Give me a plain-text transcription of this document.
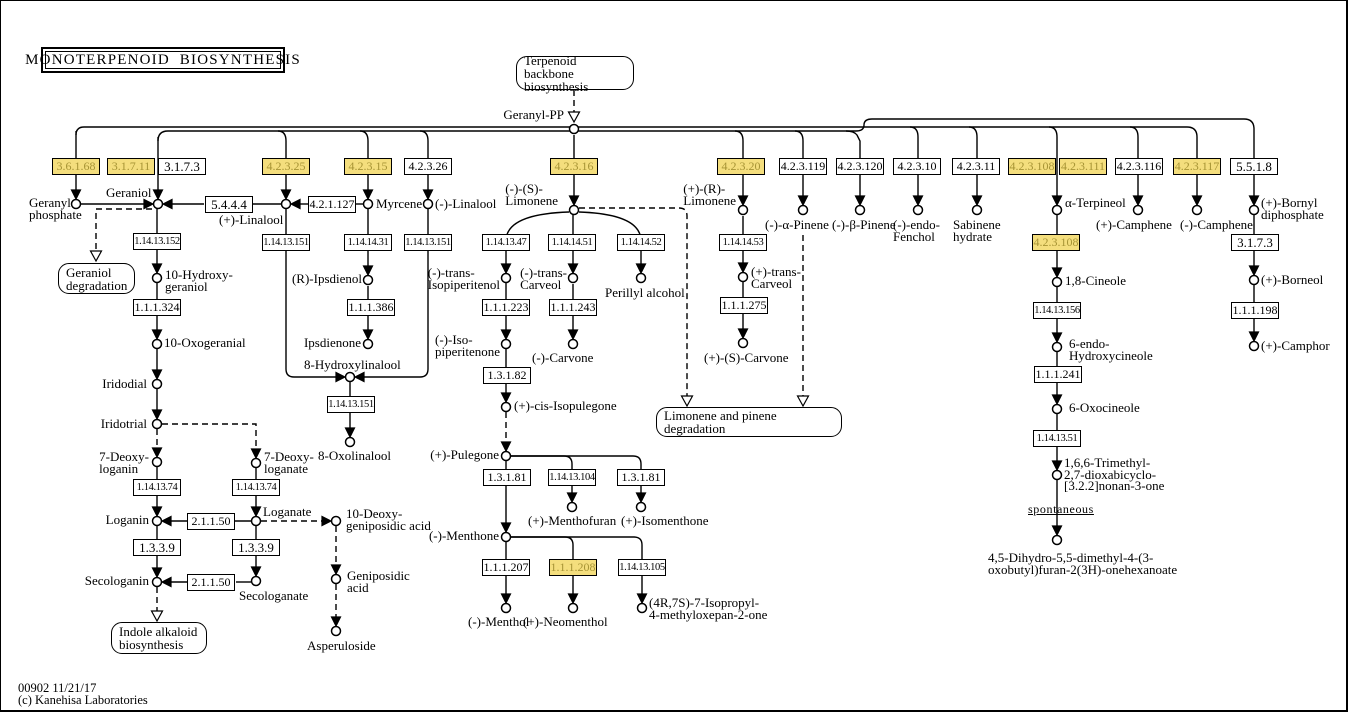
MONOTERPENOID  BIOSYNTHESIS
00902 11/21/17
(c) Kanehisa Laboratories
3.6.1.68	3.1.7.11	3.1.7.3	4.2.3.25	4.2.3.15	4.2.3.26	4.2.3.16	4.2.3.20	4.2.3.119 4.2.3.120	4.2.3.10	4.2.3.11	4.2.3.108 4.2.3.111 4.2.3.116 4.2.3.117	5.5.1.8
5.4.4.4	4.2.1.127
1.14.13.152
1.1.1.324
1.14.13.74	1.14.13.74
2.1.1.50
1.3.3.9	1.3.3.9
2.1.1.50
1.14.13.151	1.14.14.31	1.14.13.151
1.1.1.386
1.14.13.151
1.14.13.47	1.14.14.51	1.14.14.52
1.1.1.223 1.1.1.243
1.3.1.82
1.3.1.81	1.14.13.104	1.3.1.81
1.1.1.207 1.1.1.208 1.14.13.105
1.14.14.53
1.1.1.275
4.2.3.108
1.14.13.156
1.1.1.241
1.14.13.51
3.1.7.3
1.1.1.198
Geranyl-PP
Geranyl
phosphate
Geraniol
(+)-Linalool
Myrcene (-)-Linalool
(-)-(S)-
Limonene
(+)-(R)-
Limonene
(-)-α-Pinene (-)-β-Pinene
(-)-endo-
Fenchol
Sabinene
hydrate
α-Terpineol
(+)-Camphene (-)-Camphene
(+)-Bornyl
diphosphate
10-Hydroxy-
geraniol
10-Oxogeranial
Iridodial
Iridotrial
7-Deoxy-
loganin
7-Deoxy-
loganate
Loganin
Loganate
Secologanin
Secologanate
10-Deoxy-
geniposidic acid
Geniposidic
acid
Asperuloside
(R)-Ipsdienol
Ipsdienone
8-Hydroxylinalool
8-Oxolinalool
(-)-trans-
Isopiperitenol
(-)-Iso-
piperitenone
(+)-cis-Isopulegone
(+)-Pulegone
(-)-Menthone
(-)-Menthol
(+)-Neomenthol
(4R,7S)-7-Isopropyl-
4-methyloxepan-2-one
(+)-Menthofuran (+)-Isomenthone
(-)-trans-
Carveol
(-)-Carvone
Perillyl alcohol
(+)-trans-
Carveol
(+)-(S)-Carvone
1,8-Cineole
6-endo-
Hydroxycineole
6-Oxocineole
1,6,6-Trimethyl-
2,7-dioxabicyclo-
[3.2.2]nonan-3-one
spontaneous
4,5-Dihydro-5,5-dimethyl-4-(3-
oxobutyl)furan-2(3H)-onehexanoate
(+)-Borneol
(+)-Camphor
Terpenoid backbone
biosynthesis
Geraniol
degradation
Limonene and pinene degradation
Indole alkaloid
biosynthesis
